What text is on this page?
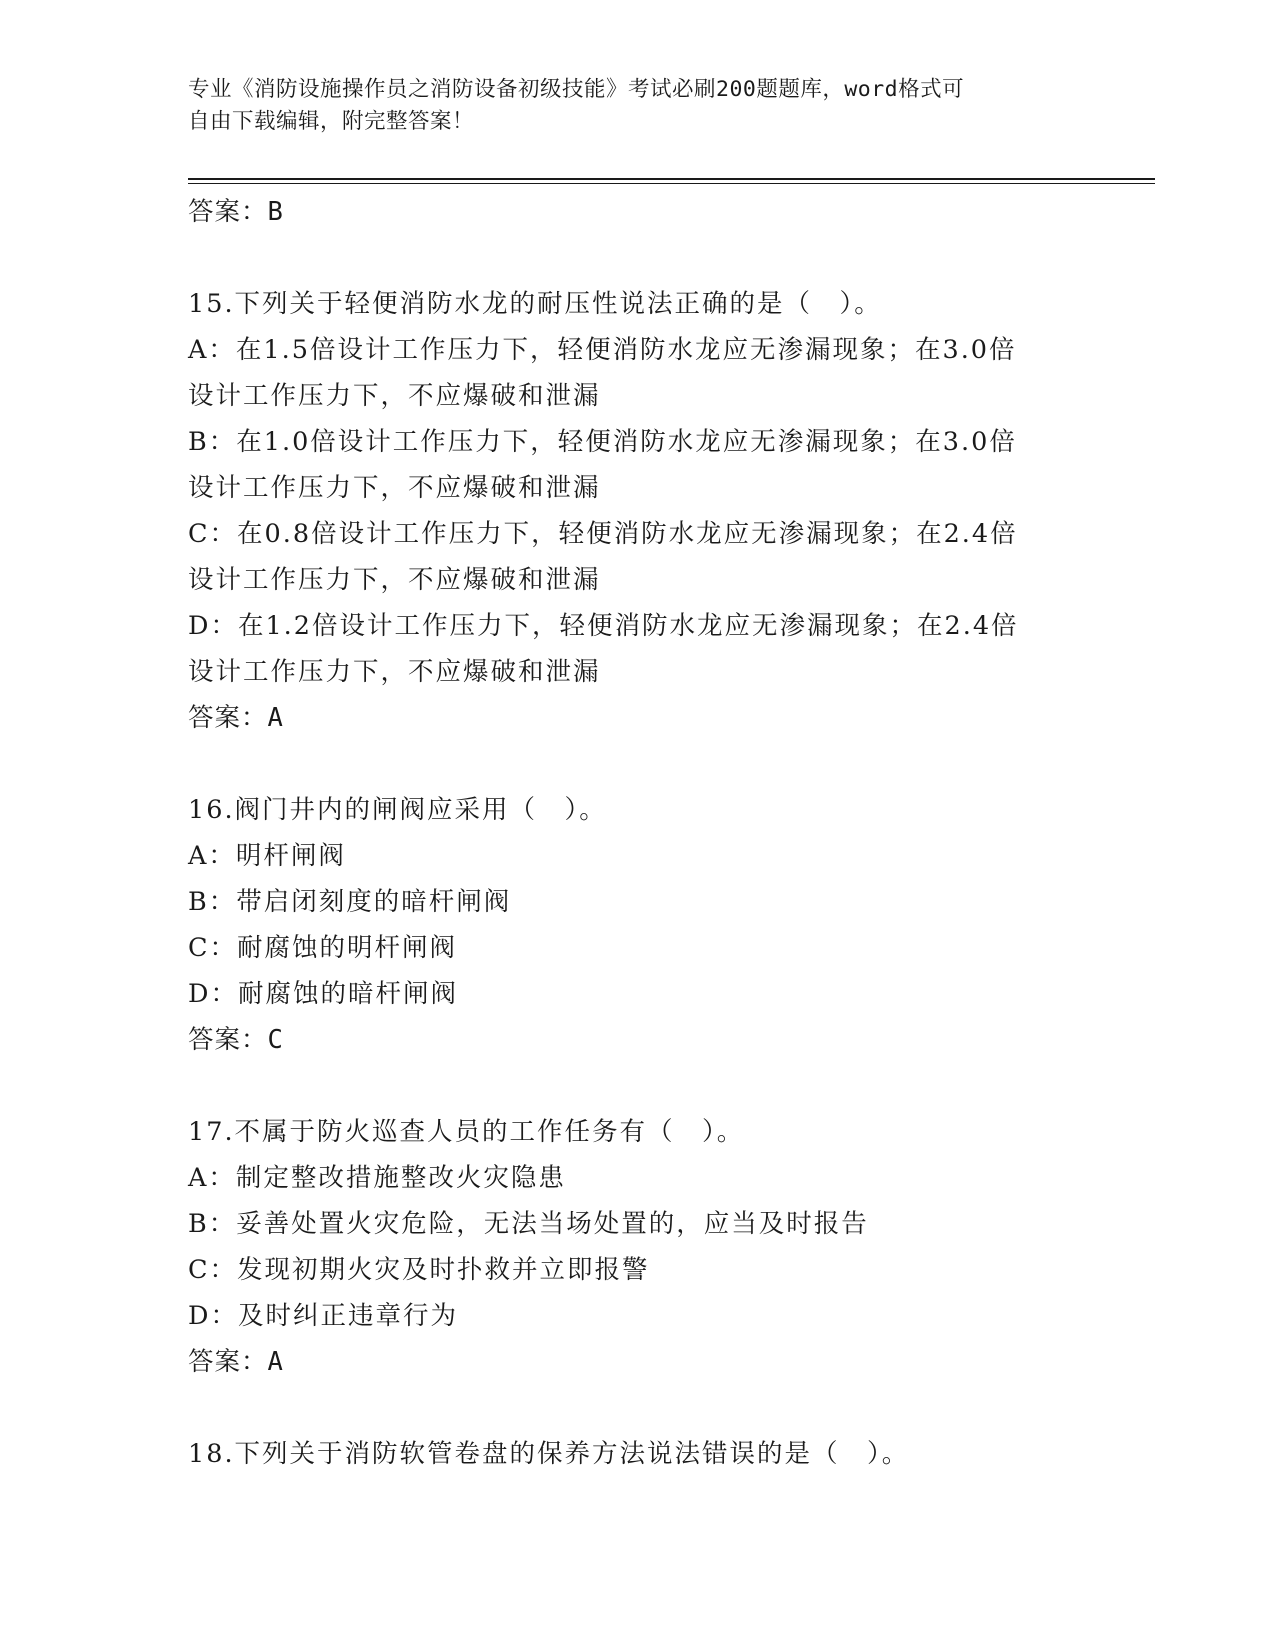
专业《消防设施操作员之消防设备初级技能》考试必刷200题题库，word格式可
自由下载编辑，附完整答案！
答案：B
15.下列关于轻便消防水龙的耐压性说法正确的是（　）。
A：在1.5倍设计工作压力下，轻便消防水龙应无渗漏现象；在3.0倍
设计工作压力下，不应爆破和泄漏
B：在1.0倍设计工作压力下，轻便消防水龙应无渗漏现象；在3.0倍
设计工作压力下，不应爆破和泄漏
C：在0.8倍设计工作压力下，轻便消防水龙应无渗漏现象；在2.4倍
设计工作压力下，不应爆破和泄漏
D：在1.2倍设计工作压力下，轻便消防水龙应无渗漏现象；在2.4倍
设计工作压力下，不应爆破和泄漏
答案：A
16.阀门井内的闸阀应采用（　）。
A：明杆闸阀
B：带启闭刻度的暗杆闸阀
C：耐腐蚀的明杆闸阀
D：耐腐蚀的暗杆闸阀
答案：C
17.不属于防火巡查人员的工作任务有（　）。
A：制定整改措施整改火灾隐患
B：妥善处置火灾危险，无法当场处置的，应当及时报告
C：发现初期火灾及时扑救并立即报警
D：及时纠正违章行为
答案：A
18.下列关于消防软管卷盘的保养方法说法错误的是（　）。
